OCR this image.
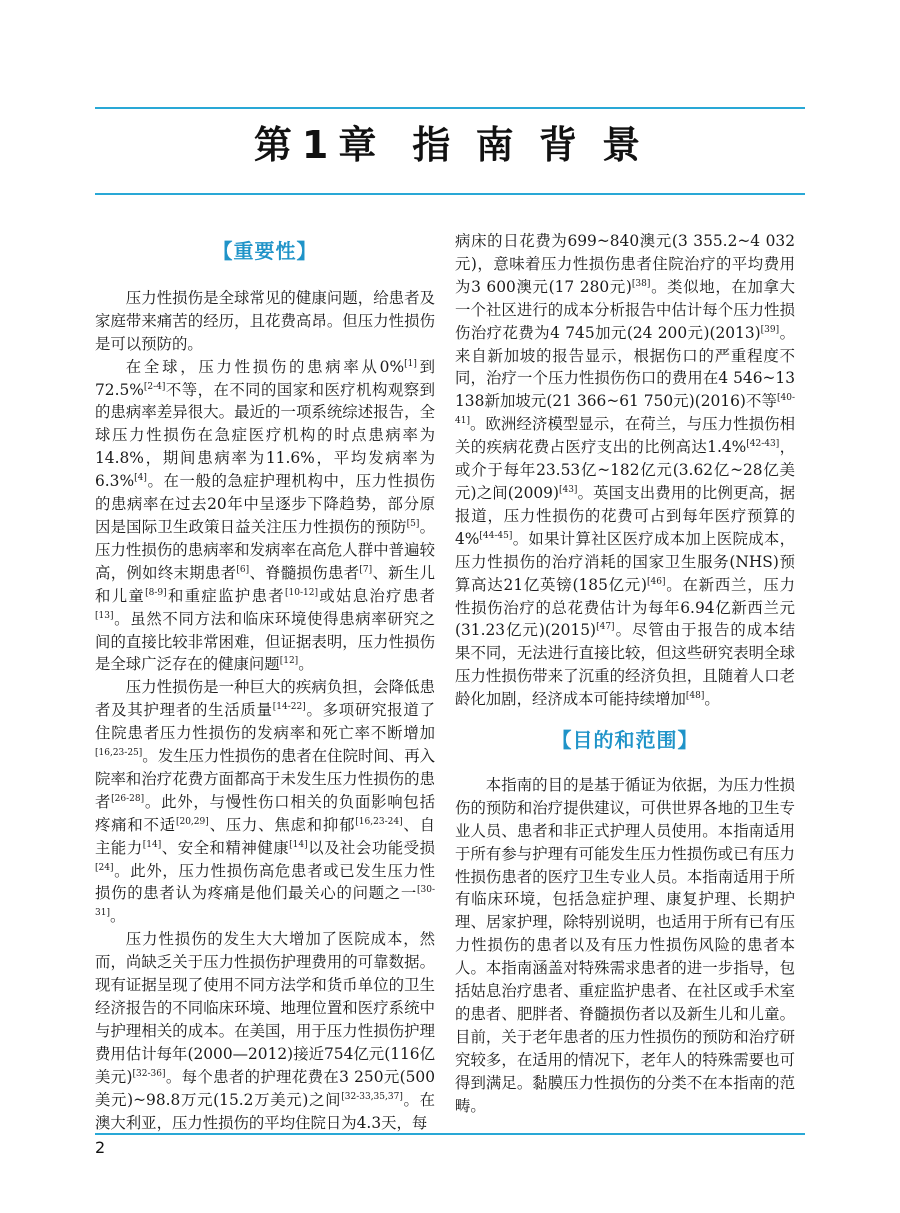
第 1 章 指 南 背 景
【重要性】

压力性损伤是全球常见的健康问题，给患者及家庭带来痛苦的经历，且花费高昂。但压力性损伤是可以预防的。

在全球，压力性损伤的患病率从0%[1]到72.5%[2-4]不等，在不同的国家和医疗机构观察到的患病率差异很大。最近的一项系统综述报告，全球压力性损伤在急症医疗机构的时点患病率为14.8%，期间患病率为11.6%，平均发病率为6.3%[4]。在一般的急症护理机构中，压力性损伤的患病率在过去20年中呈逐步下降趋势，部分原因是国际卫生政策日益关注压力性损伤的预防[5]。压力性损伤的患病率和发病率在高危人群中普遍较高，例如终末期患者[6]、脊髓损伤患者[7]、新生儿和儿童[8-9]和重症监护患者[10-12]或姑息治疗患者[13]。虽然不同方法和临床环境使得患病率研究之间的直接比较非常困难，但证据表明，压力性损伤是全球广泛存在的健康问题[12]。

压力性损伤是一种巨大的疾病负担，会降低患者及其护理者的生活质量[14-22]。多项研究报道了住院患者压力性损伤的发病率和死亡率不断增加[16,23-25]。发生压力性损伤的患者在住院时间、再入院率和治疗花费方面都高于未发生压力性损伤的患者[26-28]。此外，与慢性伤口相关的负面影响包括疼痛和不适[20,29]、压力、焦虑和抑郁[16,23-24]、自主能力[14]、安全和精神健康[14]以及社会功能受损[24]。此外，压力性损伤高危患者或已发生压力性损伤的患者认为疼痛是他们最关心的问题之一[30-31]。

压力性损伤的发生大大增加了医院成本，然而，尚缺乏关于压力性损伤护理费用的可靠数据。现有证据呈现了使用不同方法学和货币单位的卫生经济报告的不同临床环境、地理位置和医疗系统中与护理相关的成本。在美国，用于压力性损伤护理费用估计每年(2000—2012)接近754亿元(116亿美元)[32-36]。每个患者的护理花费在3 250元(500美元)~98.8万元(15.2万美元)之间[32-33,35,37]。在澳大利亚，压力性损伤的平均住院日为4.3天，每

病床的日花费为699~840澳元(3 355.2~4 032元)，意味着压力性损伤患者住院治疗的平均费用为3 600澳元(17 280元)[38]。类似地，在加拿大一个社区进行的成本分析报告中估计每个压力性损伤治疗花费为4 745加元(24 200元)(2013)[39]。来自新加坡的报告显示，根据伤口的严重程度不同，治疗一个压力性损伤伤口的费用在4 546~13 138新加坡元(21 366~61 750元)(2016)不等[40-41]。欧洲经济模型显示，在荷兰，与压力性损伤相关的疾病花费占医疗支出的比例高达1.4%[42-43]，或介于每年23.53亿~182亿元(3.62亿~28亿美元)之间(2009)[43]。英国支出费用的比例更高，据报道，压力性损伤的花费可占到每年医疗预算的4%[44-45]。如果计算社区医疗成本加上医院成本，压力性损伤的治疗消耗的国家卫生服务(NHS)预算高达21亿英镑(185亿元)[46]。在新西兰，压力性损伤治疗的总花费估计为每年6.94亿新西兰元(31.23亿元)(2015)[47]。尽管由于报告的成本结果不同，无法进行直接比较，但这些研究表明全球压力性损伤带来了沉重的经济负担，且随着人口老龄化加剧，经济成本可能持续增加[48]。

【目的和范围】

本指南的目的是基于循证为依据，为压力性损伤的预防和治疗提供建议，可供世界各地的卫生专业人员、患者和非正式护理人员使用。本指南适用于所有参与护理有可能发生压力性损伤或已有压力性损伤患者的医疗卫生专业人员。本指南适用于所有临床环境，包括急症护理、康复护理、长期护理、居家护理，除特别说明，也适用于所有已有压力性损伤的患者以及有压力性损伤风险的患者本人。本指南涵盖对特殊需求患者的进一步指导，包括姑息治疗患者、重症监护患者、在社区或手术室的患者、肥胖者、脊髓损伤者以及新生儿和儿童。目前，关于老年患者的压力性损伤的预防和治疗研究较多，在适用的情况下，老年人的特殊需要也可得到满足。黏膜压力性损伤的分类不在本指南的范畴。

2
